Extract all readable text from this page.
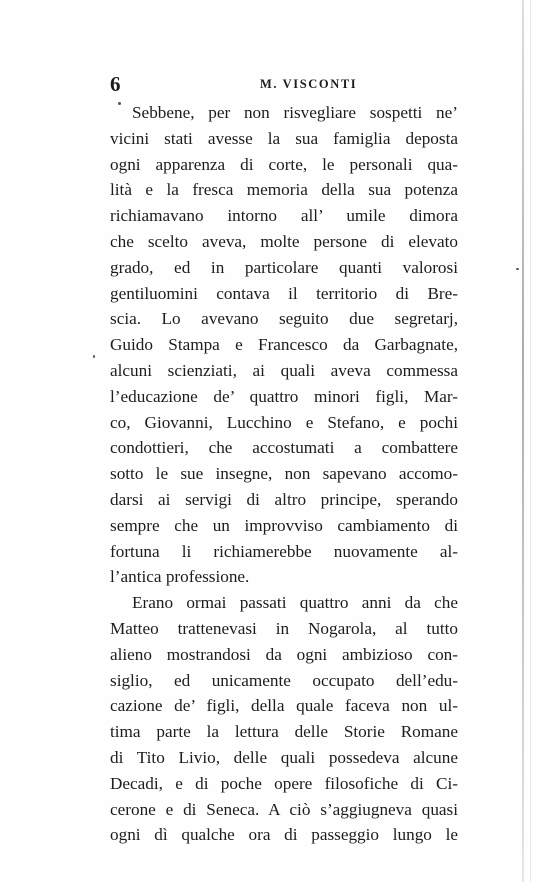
6	M. VISCONTI
Sebbene, per non risvegliare sospetti ne’
vicini stati avesse la sua famiglia deposta
ogni apparenza di corte, le personali qua-
lità e la fresca memoria della sua potenza
richiamavano intorno all’ umile dimora
che scelto aveva, molte persone di elevato
grado, ed in particolare quanti valorosi
gentiluomini contava il territorio di Bre-
scia. Lo avevano seguito due segretarj,
Guido Stampa e Francesco da Garbagnate,
alcuni scienziati, ai quali aveva commessa
l’educazione de’ quattro minori figli, Mar-
co, Giovanni, Lucchino e Stefano, e pochi
condottieri, che accostumati a combattere
sotto le sue insegne, non sapevano accomo-
darsi ai servigi di altro principe, sperando
sempre che un improvviso cambiamento di
fortuna li richiamerebbe nuovamente al-
l’antica professione.
Erano ormai passati quattro anni da che
Matteo trattenevasi in Nogarola, al tutto
alieno mostrandosi da ogni ambizioso con-
siglio, ed unicamente occupato dell’edu-
cazione de’ figli, della quale faceva non ul-
tima parte la lettura delle Storie Romane
di Tito Livio, delle quali possedeva alcune
Decadi, e di poche opere filosofiche di Ci-
cerone e di Seneca. A ciò s’aggiugneva quasi
ogni dì qualche ora di passeggio lungo le
